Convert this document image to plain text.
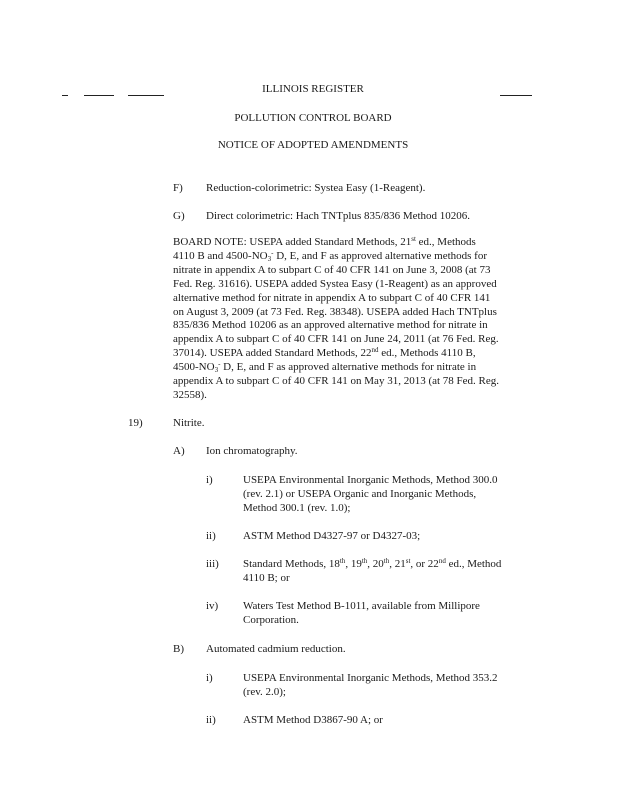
ILLINOIS REGISTER
POLLUTION CONTROL BOARD
NOTICE OF ADOPTED AMENDMENTS
F) Reduction-colorimetric: Systea Easy (1-Reagent).
G) Direct colorimetric: Hach TNTplus 835/836 Method 10206.
BOARD NOTE: USEPA added Standard Methods, 21st ed., Methods
4110 B and $4500-NO_3^-$ D, E, and F as approved alternative methods for
nitrate in appendix A to subpart C of 40 CFR 141 on June 3, 2008 (at 73
Fed. Reg. 31616). USEPA added Systea Easy (1-Reagent) as an approved
alternative method for nitrate in appendix A to subpart C of 40 CFR 141
on August 3, 2009 (at 73 Fed. Reg. 38348). USEPA added Hach TNTplus
835/836 Method 10206 as an approved alternative method for nitrate in
appendix A to subpart C of 40 CFR 141 on June 24, 2011 (at 76 Fed. Reg.
37014). USEPA added Standard Methods, 22nd ed., Methods 4110 B,
$4500-NO_3^-$ D, E, and F as approved alternative methods for nitrate in
appendix A to subpart C of 40 CFR 141 on May 31, 2013 (at 78 Fed. Reg.
32558).
19)	Nitrite.
A) Ion chromatography.
i)	USEPA Environmental Inorganic Methods, Method 300.0
(rev. 2.1) or USEPA Organic and Inorganic Methods,
Method 300.1 (rev. 1.0);
ii) ASTM Method D4327-97 or D4327-03;
iii) Standard Methods, 18th, 19th, 20th, 21st, or 22nd ed., Method
4110 B; or
iv) Waters Test Method B-1011, available from Millipore
Corporation.
B) Automated cadmium reduction.
i)	USEPA Environmental Inorganic Methods, Method 353.2
(rev. 2.0);
ii) ASTM Method D3867-90 A; or
